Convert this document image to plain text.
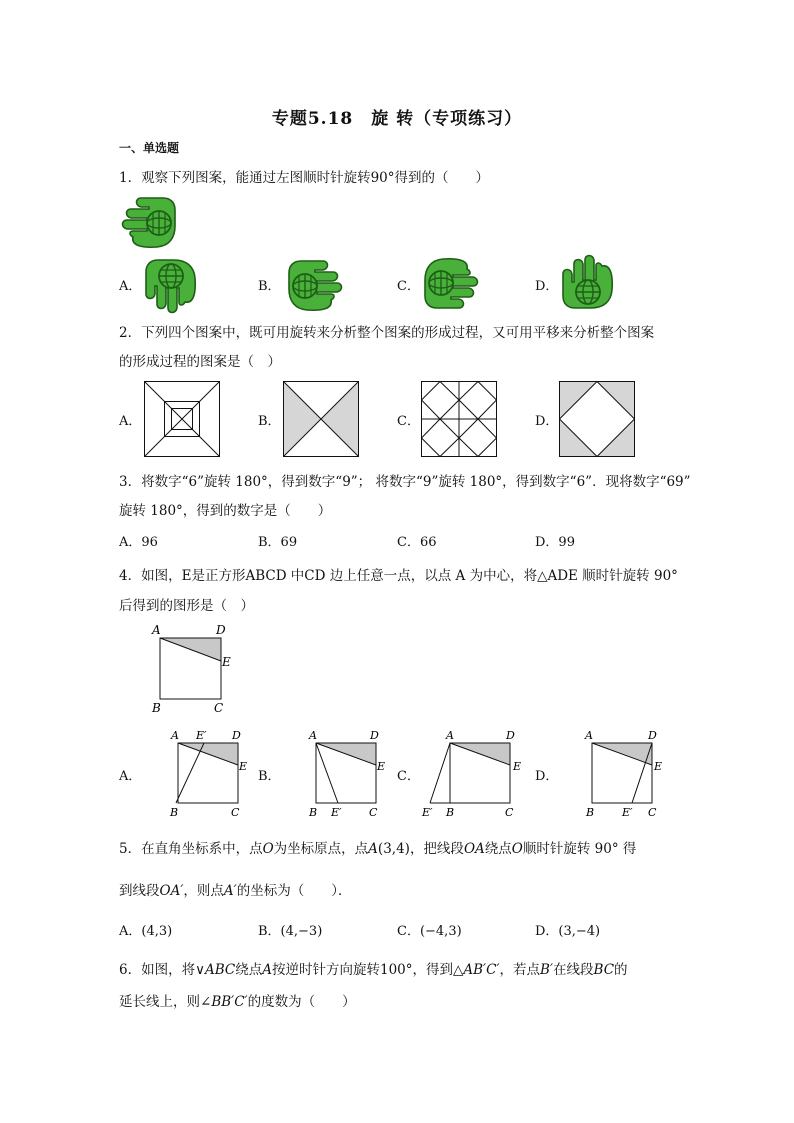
专题5.18　旋 转（专项练习）
一、单选题
1．观察下列图案，能通过左图顺时针旋转90°得到的（　　）
A．	B．	C．	D．
2．下列四个图案中，既可用旋转来分析整个图案的形成过程，又可用平移来分析整个图案
的形成过程的图案是（　）
A．	B．	C．	D．
3．将数字“6”旋转 180°，得到数字“9”； 将数字“9”旋转 180°，得到数字“6”．现将数字“69”
旋转 180°，得到的数字是（　　）
A．96	B．69	C．66	D．99
4．如图，E是正方形ABCD 中CD 边上任意一点，以点 A 为中心，将△ADE 顺时针旋转 90°
后得到的图形是（　）
A	D
E
B	C
A．
A E′ D
E
B	C
B．
A	D
E
B E′ C
C．
A	D
E
E′ B	C
D．
A	D
E
B	E′ C
5．在直角坐标系中，点O为坐标原点，点A(3,4)，把线段OA绕点O顺时针旋转 90° 得
到线段OA′，则点A′的坐标为（　　）．
A．(4,3)	B．(4,−3)	C．(−4,3)	D．(3,−4)
6．如图，将∨ABC绕点A按逆时针方向旋转100°，得到△AB′C′，若点B′在线段BC的
延长线上，则∠BB′C′的度数为（　　）
